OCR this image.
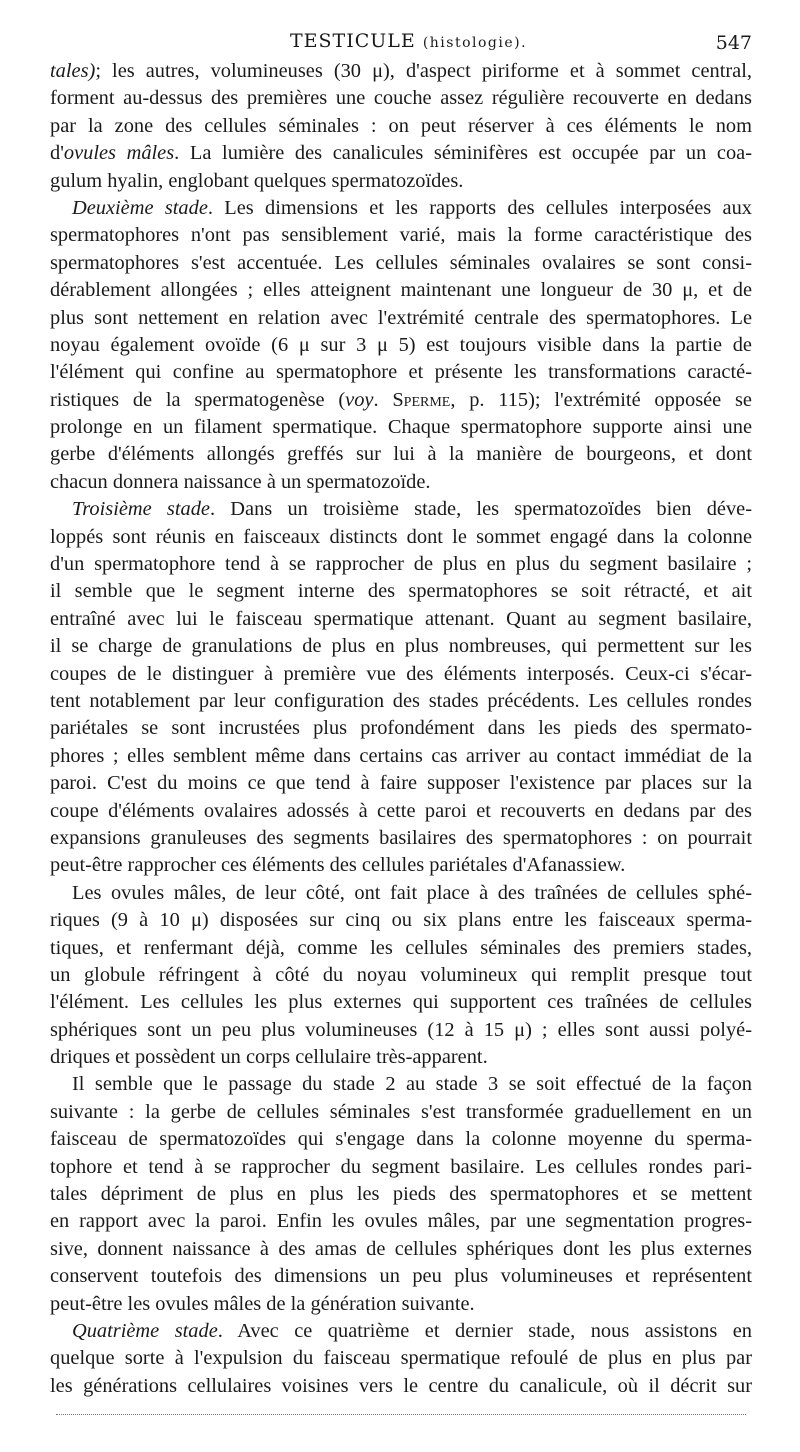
TESTICULE (histologie).	547
tales); les autres, volumineuses (30 μ), d'aspect piriforme et à sommet central,
forment au-dessus des premières une couche assez régulière recouverte en dedans
par la zone des cellules séminales : on peut réserver à ces éléments le nom
d'ovules mâles. La lumière des canalicules séminifères est occupée par un coa-
gulum hyalin, englobant quelques spermatozoïdes.
Deuxième stade. Les dimensions et les rapports des cellules interposées aux
spermatophores n'ont pas sensiblement varié, mais la forme caractéristique des
spermatophores s'est accentuée. Les cellules séminales ovalaires se sont consi-
dérablement allongées ; elles atteignent maintenant une longueur de 30 μ, et de
plus sont nettement en relation avec l'extrémité centrale des spermatophores. Le
noyau également ovoïde (6 μ sur 3 μ 5) est toujours visible dans la partie de
l'élément qui confine au spermatophore et présente les transformations caracté-
ristiques de la spermatogenèse (voy. Sperme, p. 115); l'extrémité opposée se
prolonge en un filament spermatique. Chaque spermatophore supporte ainsi une
gerbe d'éléments allongés greffés sur lui à la manière de bourgeons, et dont
chacun donnera naissance à un spermatozoïde.
Troisième stade. Dans un troisième stade, les spermatozoïdes bien déve-
loppés sont réunis en faisceaux distincts dont le sommet engagé dans la colonne
d'un spermatophore tend à se rapprocher de plus en plus du segment basilaire ;
il semble que le segment interne des spermatophores se soit rétracté, et ait
entraîné avec lui le faisceau spermatique attenant. Quant au segment basilaire,
il se charge de granulations de plus en plus nombreuses, qui permettent sur les
coupes de le distinguer à première vue des éléments interposés. Ceux-ci s'écar-
tent notablement par leur configuration des stades précédents. Les cellules rondes
pariétales se sont incrustées plus profondément dans les pieds des spermato-
phores ; elles semblent même dans certains cas arriver au contact immédiat de la
paroi. C'est du moins ce que tend à faire supposer l'existence par places sur la
coupe d'éléments ovalaires adossés à cette paroi et recouverts en dedans par des
expansions granuleuses des segments basilaires des spermatophores : on pourrait
peut-être rapprocher ces éléments des cellules pariétales d'Afanassiew.
Les ovules mâles, de leur côté, ont fait place à des traînées de cellules sphé-
riques (9 à 10 μ) disposées sur cinq ou six plans entre les faisceaux sperma-
tiques, et renfermant déjà, comme les cellules séminales des premiers stades,
un globule réfringent à côté du noyau volumineux qui remplit presque tout
l'élément. Les cellules les plus externes qui supportent ces traînées de cellules
sphériques sont un peu plus volumineuses (12 à 15 μ) ; elles sont aussi polyé-
driques et possèdent un corps cellulaire très-apparent.
Il semble que le passage du stade 2 au stade 3 se soit effectué de la façon
suivante : la gerbe de cellules séminales s'est transformée graduellement en un
faisceau de spermatozoïdes qui s'engage dans la colonne moyenne du sperma-
tophore et tend à se rapprocher du segment basilaire. Les cellules rondes pari-
tales dépriment de plus en plus les pieds des spermatophores et se mettent
en rapport avec la paroi. Enfin les ovules mâles, par une segmentation progres-
sive, donnent naissance à des amas de cellules sphériques dont les plus externes
conservent toutefois des dimensions un peu plus volumineuses et représentent
peut-être les ovules mâles de la génération suivante.
Quatrième stade. Avec ce quatrième et dernier stade, nous assistons en
quelque sorte à l'expulsion du faisceau spermatique refoulé de plus en plus par
les générations cellulaires voisines vers le centre du canalicule, où il décrit sur
